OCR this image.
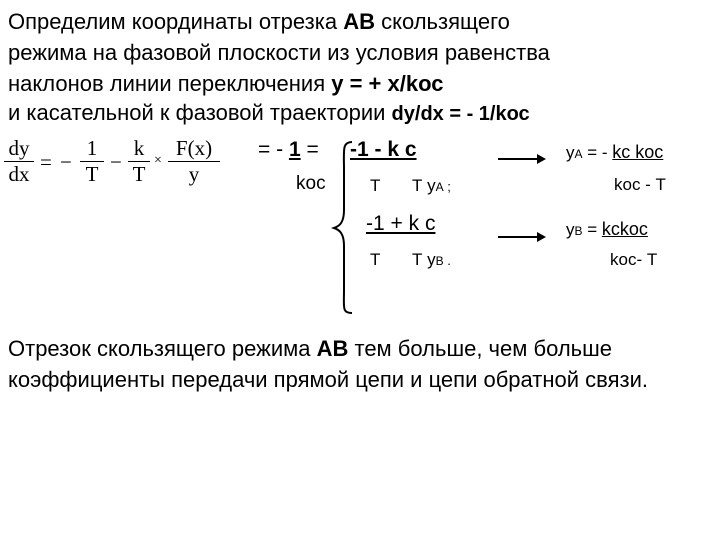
Определим координаты отрезка АВ скользящего
режима на фазовой плоскости из условия равенства
наклонов линии переключения у = + х/kос
и касательной к фазовой траектории dy/dx = - 1/kос
$\frac{dy}{dx}$ = − $\frac{1}{T} - \frac{k}{T} \times \frac{F(x)}{y}$ = - 1 = -1 - k c
kос	T Т уА ;
-1 + k c
T Т уВ .
уА = - kc kос
kос - Т
уВ = kckос
kос- Т
Отрезок скользящего режима АВ тем больше, чем больше коэффициенты передачи прямой цепи и цепи обратной связи.
